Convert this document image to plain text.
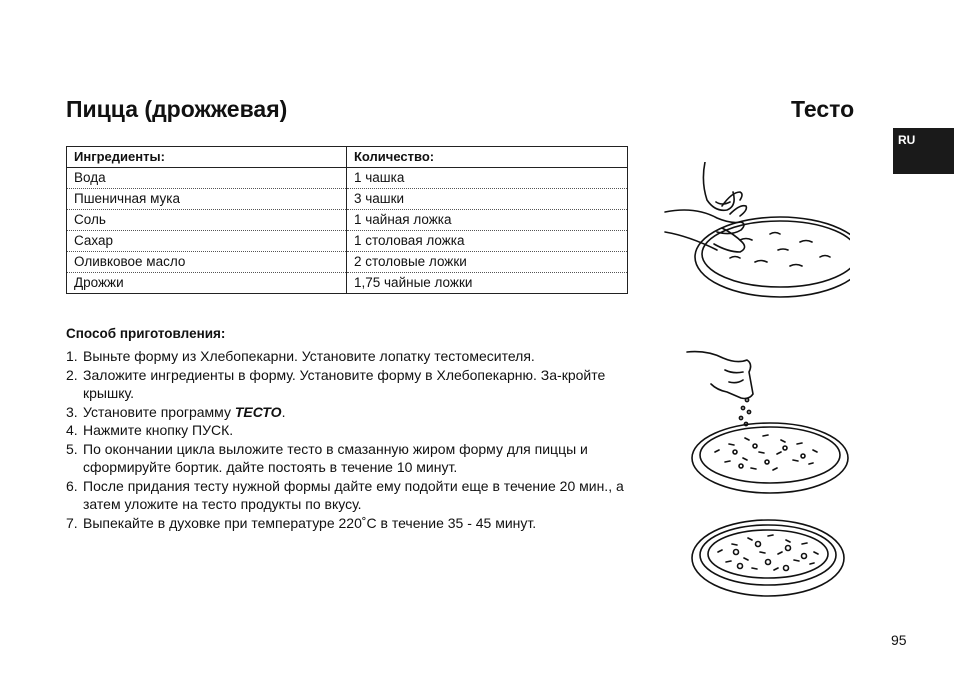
Пицца (дрожжевая)	Тесто
RU
Ингредиенты:	Количество:
Вода	1 чашка
Пшеничная мука	3 чашки
Соль	1 чайная ложка
Сахар	1 столовая ложка
Оливковое масло	2 столовые ложки
Дрожжи	1,75 чайные ложки
Способ приготовления:
1. Выньте форму из Хлебопекарни. Установите лопатку тестомесителя.
2. Заложите ингредиенты в форму. Установите форму в Хлебопекарню. За-кройте крышку.
3. Установите программу ТЕСТО.
4. Нажмите кнопку ПУСК.
5. По окончании цикла выложите тесто в смазанную жиром форму для пиццы и сформируйте бортик. дайте постоять в течение 10 минут.
6. После придания тесту нужной формы дайте ему подойти еще в течение 20 мин., а затем уложите на тесто продукты по вкусу.
7. Выпекайте в духовке при температуре 220˚C в течение 35 - 45 минут.
95
